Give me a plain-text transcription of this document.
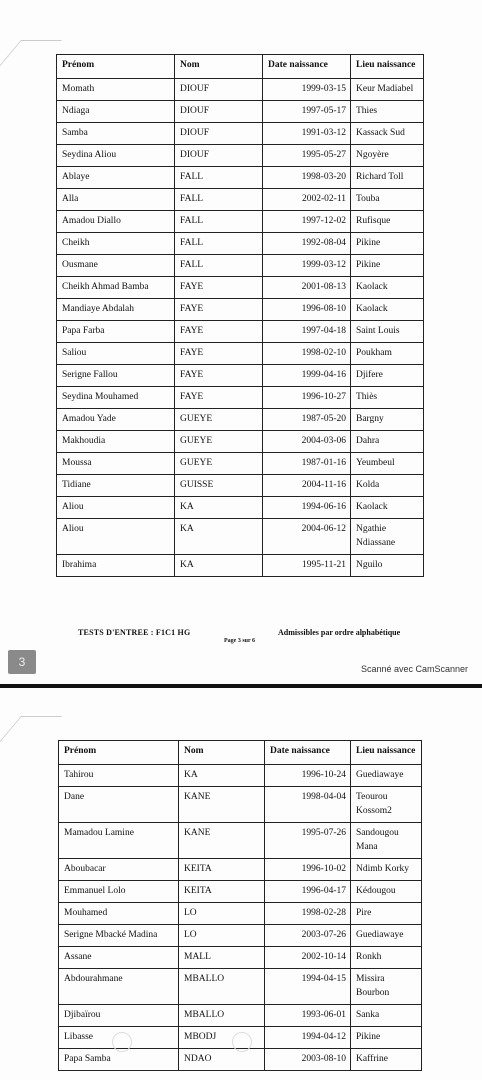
Prénom	Nom	Date naissance	Lieu naissance
Momath	DIOUF	1999-03-15	Keur Madiabel
Ndiaga	DIOUF	1997-05-17	Thies
Samba	DIOUF	1991-03-12	Kassack Sud
Seydina Aliou	DIOUF	1995-05-27	Ngoyère
Ablaye	FALL	1998-03-20	Richard Toll
Alla	FALL	2002-02-11	Touba
Amadou Diallo	FALL	1997-12-02	Rufisque
Cheikh	FALL	1992-08-04	Pikine
Ousmane	FALL	1999-03-12	Pikine
Cheikh Ahmad Bamba	FAYE	2001-08-13	Kaolack
Mandiaye Abdalah	FAYE	1996-08-10	Kaolack
Papa Farba	FAYE	1997-04-18	Saint Louis
Saliou	FAYE	1998-02-10	Poukham
Serigne Fallou	FAYE	1999-04-16	Djifere
Seydina Mouhamed	FAYE	1996-10-27	Thiès
Amadou Yade	GUEYE	1987-05-20	Bargny
Makhoudia	GUEYE	2004-03-06	Dahra
Moussa	GUEYE	1987-01-16	Yeumbeul
Tidiane	GUISSE	2004-11-16	Kolda
Aliou	KA	1994-06-16	Kaolack
Aliou	KA	2004-06-12	Ngathie Ndiassane
Ibrahima	KA	1995-11-21	Nguilo
TESTS D'ENTREE : F1C1 HG
Page 3 sur 6
Admissibles par ordre alphabétique
3	Scanné avec CamScanner
Prénom	Nom	Date naissance	Lieu naissance
Tahirou	KA	1996-10-24	Guediawaye
Dane	KANE	1998-04-04	Teourou Kossom2
Mamadou Lamine	KANE	1995-07-26	Sandougou Mana
Aboubacar	KEITA	1996-10-02	Ndimb Korky
Emmanuel Lolo	KEITA	1996-04-17	Kédougou
Mouhamed	LO	1998-02-28	Pire
Serigne Mbacké Madina	LO	2003-07-26	Guediawaye
Assane	MALL	2002-10-14	Ronkh
Abdourahmane	MBALLO	1994-04-15	Missira Bourbon
Djibaïrou	MBALLO	1993-06-01	Sanka
Libasse	MBODJ	1994-04-12	Pikine
Papa Samba	NDAO	2003-08-10	Kaffrine
